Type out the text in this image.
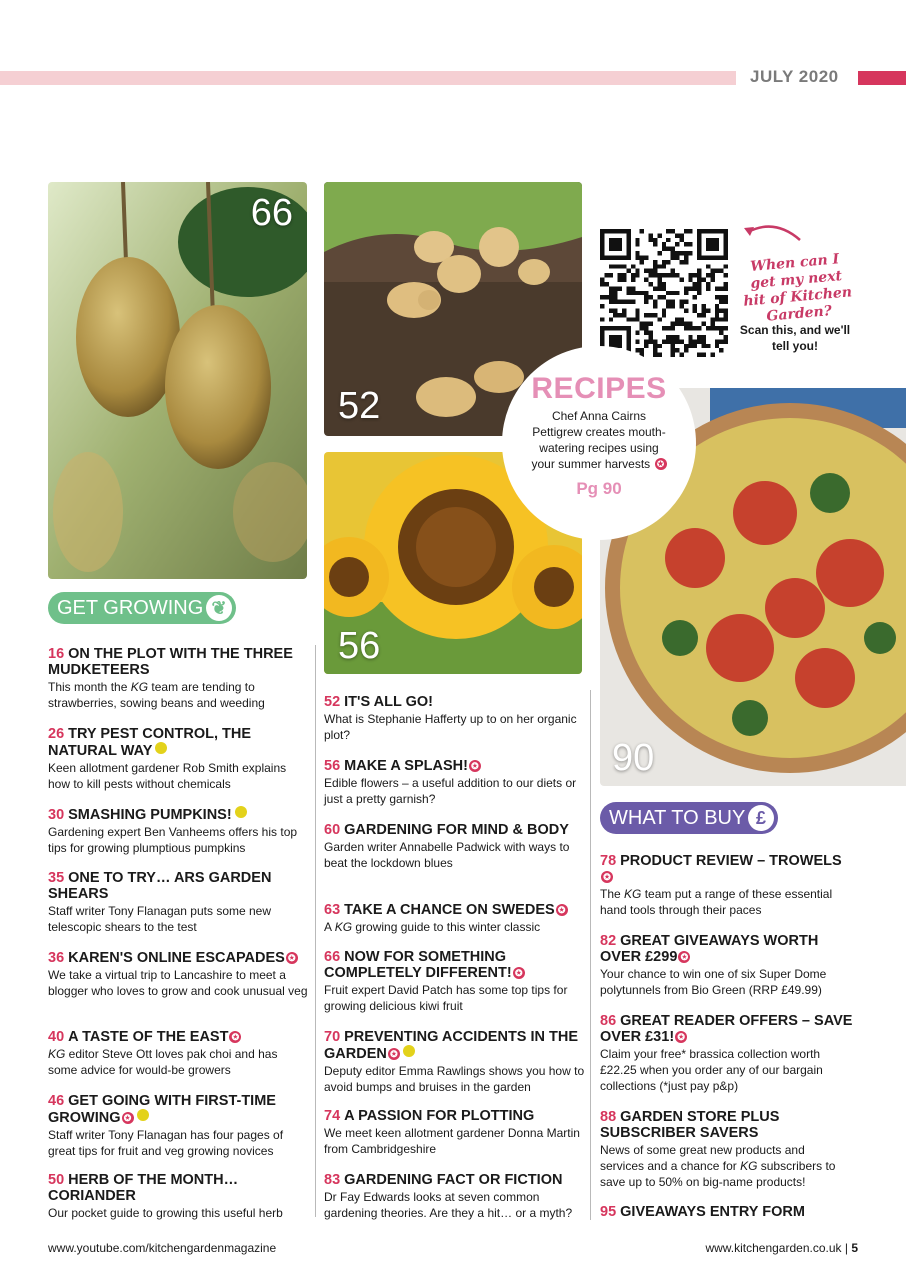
JULY 2020
66
52
56
90
When can I get my next hit of Kitchen Garden?
Scan this, and we'll tell you!
RECIPES
Chef Anna Cairns Pettigrew creates mouth-watering recipes using your summer harvests ✪
Pg 90
GET GROWING ❦
WHAT TO BUY £
16 ON THE PLOT WITH THE THREE MUDKETEERS
This month the KG team are tending to strawberries, sowing beans and weeding
26 TRY PEST CONTROL, THE NATURAL WAY
Keen allotment gardener Rob Smith explains how to kill pests without chemicals
30 SMASHING PUMPKINS!
Gardening expert Ben Vanheems offers his top tips for growing plumptious pumpkins
35 ONE TO TRY… ARS GARDEN SHEARS
Staff writer Tony Flanagan puts some new telescopic shears to the test
36 KAREN'S ONLINE ESCAPADES ✪
We take a virtual trip to Lancashire to meet a blogger who loves to grow and cook unusual veg
40 A TASTE OF THE EAST ✪
KG editor Steve Ott loves pak choi and has some advice for would-be growers
46 GET GOING WITH FIRST-TIME GROWING ✪
Staff writer Tony Flanagan has four pages of great tips for fruit and veg growing novices
50 HERB OF THE MONTH… CORIANDER
Our pocket guide to growing this useful herb
52 IT'S ALL GO!
What is Stephanie Hafferty up to on her organic plot?
56 MAKE A SPLASH! ✪
Edible flowers – a useful addition to our diets or just a pretty garnish?
60 GARDENING FOR MIND & BODY
Garden writer Annabelle Padwick with ways to beat the lockdown blues
63 TAKE A CHANCE ON SWEDES ✪
A KG growing guide to this winter classic
66 NOW FOR SOMETHING COMPLETELY DIFFERENT! ✪
Fruit expert David Patch has some top tips for growing delicious kiwi fruit
70 PREVENTING ACCIDENTS IN THE GARDEN ✪
Deputy editor Emma Rawlings shows you how to avoid bumps and bruises in the garden
74 A PASSION FOR PLOTTING
We meet keen allotment gardener Donna Martin from Cambridgeshire
83 GARDENING FACT OR FICTION
Dr Fay Edwards looks at seven common gardening theories. Are they a hit… or a myth?
78 PRODUCT REVIEW – TROWELS✪
The KG team put a range of these essential hand tools through their paces
82 GREAT GIVEAWAYS WORTH OVER £299 ✪
Your chance to win one of six Super Dome polytunnels from Bio Green (RRP £49.99)
86 GREAT READER OFFERS – SAVE OVER £31! ✪
Claim your free* brassica collection worth £22.25 when you order any of our bargain collections (*just pay p&p)
88 GARDEN STORE PLUS SUBSCRIBER SAVERS
News of some great new products and services and a chance for KG subscribers to save up to 50% on big-name products!
95 GIVEAWAYS ENTRY FORM
www.youtube.com/kitchengardenmagazine	www.kitchengarden.co.uk | 5
